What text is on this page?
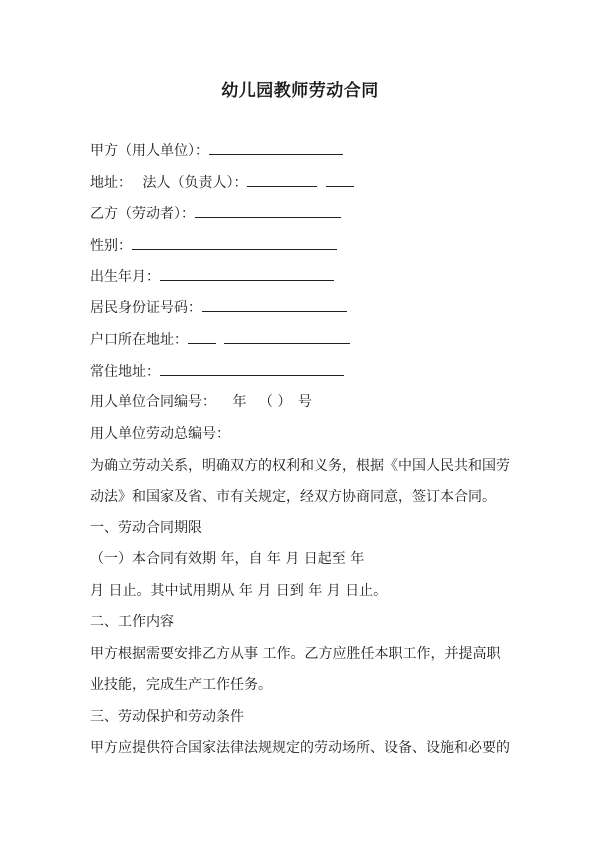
幼儿园教师劳动合同
甲方（用人单位）：
地址： 法人（负责人）：
乙方（劳动者）：
性别：
出生年月：
居民身份证号码：
户口所在地址：
常住地址：
用人单位合同编号： 年 （ ） 号
用人单位劳动总编号：
为确立劳动关系，明确双方的权利和义务，根据《中国人民共和国劳
动法》和国家及省、市有关规定，经双方协商同意，签订本合同。
一、劳动合同期限
（一）本合同有效期 年，自 年 月 日起至 年
月 日止。其中试用期从 年 月 日到 年 月 日止。
二、工作内容
甲方根据需要安排乙方从事 工作。乙方应胜任本职工作，并提高职
业技能，完成生产工作任务。
三、劳动保护和劳动条件
甲方应提供符合国家法律法规规定的劳动场所、设备、设施和必要的
